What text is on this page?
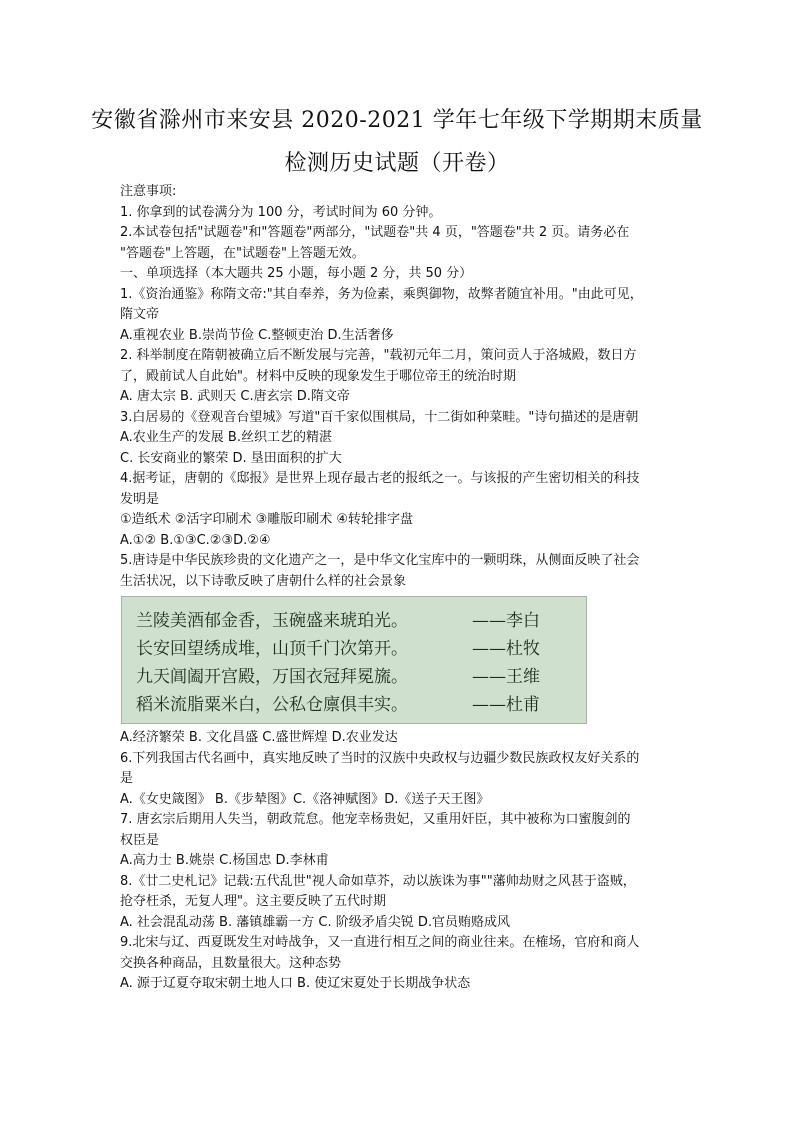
安徽省滁州市来安县 2020-2021 学年七年级下学期期末质量
检测历史试题（开卷）

注意事项:

1. 你拿到的试卷满分为 100 分，考试时间为 60 分钟。

2.本试卷包括"试题卷"和"答题卷"两部分，"试题卷"共 4 页，"答题卷"共 2 页。请务必在

"答题卷"上答题，在"试题卷"上答题无效。

一、单项选择（本大题共 25 小题，每小题 2 分，共 50 分）

1.《资治通鉴》称隋文帝:"其自奉养，务为俭素，乘舆御物，故弊者随宜补用。"由此可见，

隋文帝

A.重视农业 B.崇尚节俭 C.整顿吏治 D.生活奢侈

2. 科举制度在隋朝被确立后不断发展与完善，"载初元年二月，策问贡人于洛城殿，数日方

了，殿前试人自此始"。材料中反映的现象发生于哪位帝王的统治时期

A. 唐太宗 B. 武则天 C.唐玄宗 D.隋文帝

3.白居易的《登观音台望城》写道"百千家似围棋局，十二街如种菜畦。"诗句描述的是唐朝

A.农业生产的发展 B.丝织工艺的精湛

C. 长安商业的繁荣 D. 垦田面积的扩大

4.据考证，唐朝的《邸报》是世界上现存最古老的报纸之一。与该报的产生密切相关的科技

发明是

①造纸术 ②活字印刷术 ③雕版印刷术 ④转轮排字盘

A.①② B.①③C.②③D.②④

5.唐诗是中华民族珍贵的文化遗产之一，是中华文化宝库中的一颗明珠，从侧面反映了社会

生活状况，以下诗歌反映了唐朝什么样的社会景象

兰陵美酒郁金香，玉碗盛来琥珀光。	——李白
长安回望绣成堆，山顶千门次第开。	——杜牧
九天阊阖开宫殿，万国衣冠拜冕旒。	——王维
稻米流脂粟米白，公私仓廪俱丰实。	——杜甫

A.经济繁荣 B. 文化昌盛 C.盛世辉煌 D.农业发达

6.下列我国古代名画中，真实地反映了当时的汉族中央政权与边疆少数民族政权友好关系的

是

A.《女史箴图》 B.《步辇图》C.《洛神赋图》D.《送子天王图》

7. 唐玄宗后期用人失当，朝政荒怠。他宠幸杨贵妃，又重用奸臣，其中被称为口蜜腹剑的

权臣是

A.高力士 B.姚崇 C.杨国忠 D.李林甫

8.《廿二史札记》记载:五代乱世"视人命如草芥，动以族诛为事""藩帅劫财之风甚于盗贼，

抢夺枉杀，无复人理"。这主要反映了五代时期

A. 社会混乱动荡 B. 藩镇雄霸一方 C. 阶级矛盾尖锐 D.官员贿赂成风

9.北宋与辽、西夏既发生对峙战争，又一直进行相互之间的商业往来。在榷场，官府和商人

交换各种商品，且数量很大。这种态势

A. 源于辽夏夺取宋朝土地人口 B. 使辽宋夏处于长期战争状态
